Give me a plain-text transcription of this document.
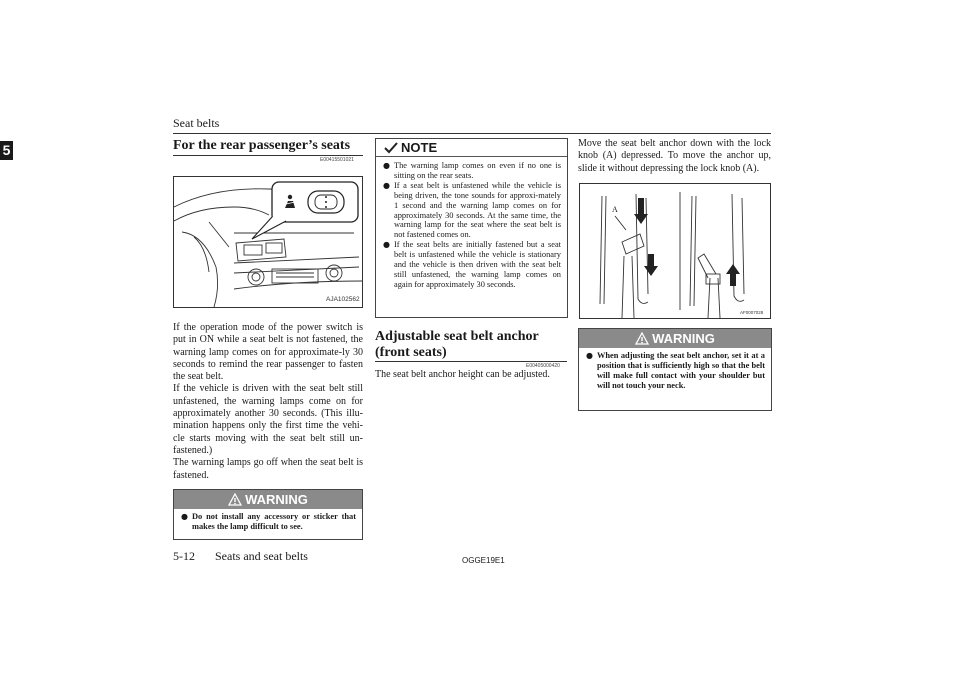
Seat belts
5	For the rear passenger’s seats
E00415501021
AJA102562
If the operation mode of the power switch is put in ON while a seat belt is not fastened, the warning lamp comes on for approximate-ly 30 seconds to remind the rear passenger to fasten the seat belt.
If the vehicle is driven with the seat belt still unfastened, the warning lamps come on for approximately another 30 seconds. (This illu-mination happens only the first time the vehi-cle starts moving with the seat belt still un-fastened.)
The warning lamps go off when the seat belt is fastened.
WARNING
● Do not install any accessory or sticker that makes the lamp difficult to see.
NOTE
● The warning lamp comes on even if no one is sitting on the rear seats.
● If a seat belt is unfastened while the vehicle is being driven, the tone sounds for approxi-mately 1 second and the warning lamp comes on for approximately 30 seconds. At the same time, the warning lamp for the seat where the seat belt is not fastened comes on.
● If the seat belts are initially fastened but a seat belt is unfastened while the vehicle is stationary and the vehicle is then driven with the seat belt still unfastened, the warning lamp comes on again for approximately 30 seconds.
Adjustable seat belt anchor (front seats)
E00405000420
The seat belt anchor height can be adjusted.
Move the seat belt anchor down with the lock knob (A) depressed. To move the anchor up, slide it without depressing the lock knob (A).
A
AF0007028
WARNING
● When adjusting the seat belt anchor, set it at a position that is sufficiently high so that the belt will make full contact with your shoulder but will not touch your neck.
5-12 Seats and seat belts	OGGE19E1
